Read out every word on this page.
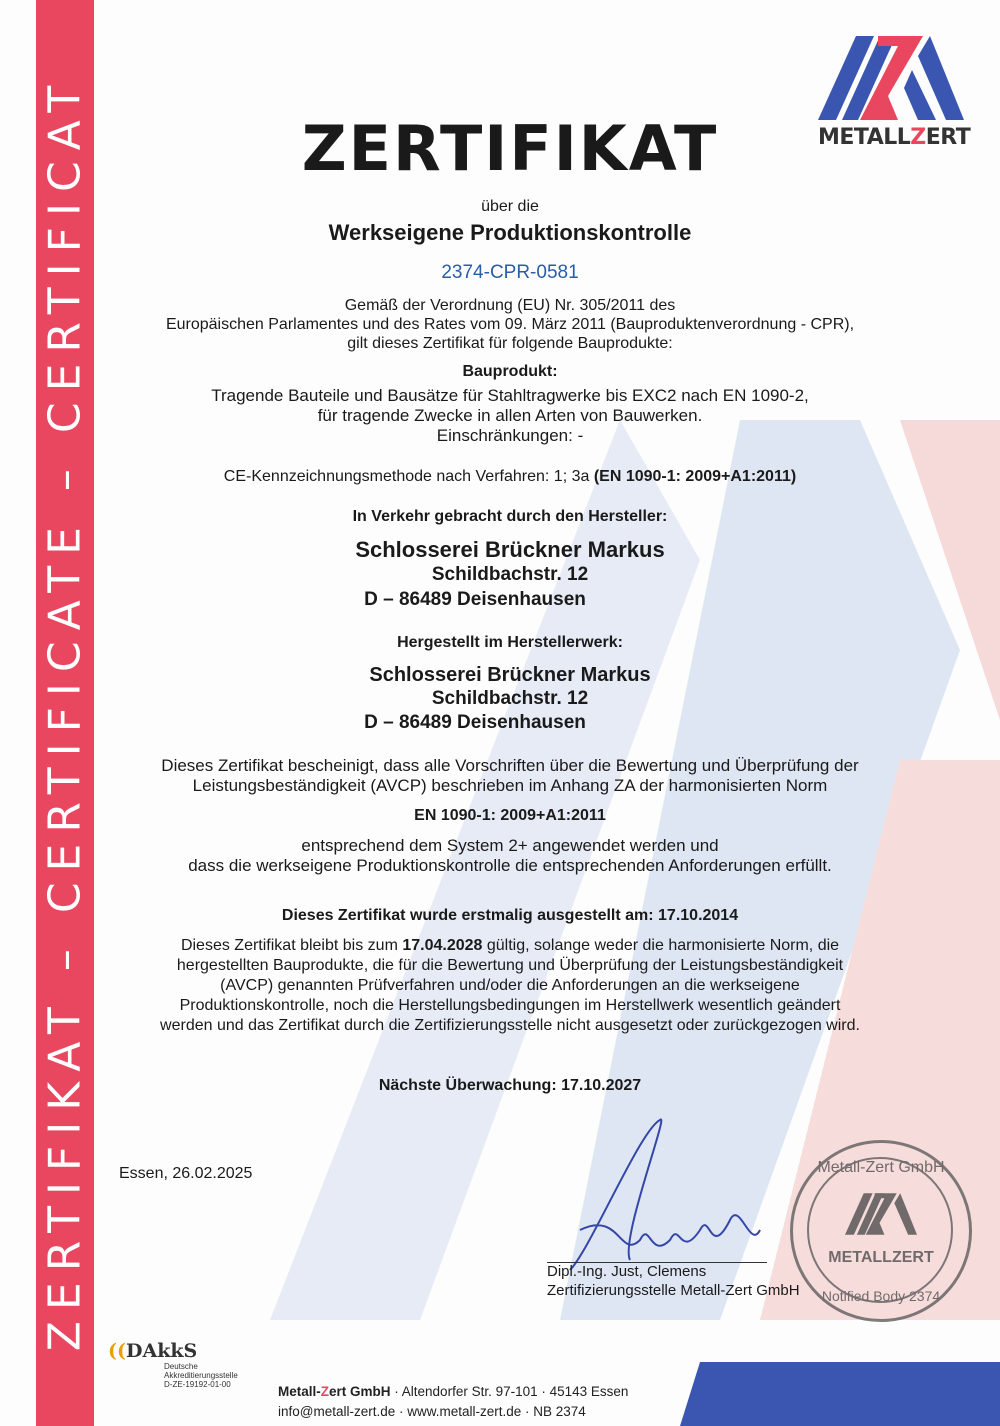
ZERTIFIKAT – CERTIFICATE – CERTIFICAT	METALLZERT
ZERTIFIKAT
über die
Werkseigene Produktionskontrolle
2374-CPR-0581
Gemäß der Verordnung (EU) Nr. 305/2011 des
Europäischen Parlamentes und des Rates vom 09. März 2011 (Bauproduktenverordnung - CPR),
gilt dieses Zertifikat für folgende Bauprodukte:
Bauprodukt:
Tragende Bauteile und Bausätze für Stahltragwerke bis EXC2 nach EN 1090-2,
für tragende Zwecke in allen Arten von Bauwerken.
Einschränkungen: -
CE-Kennzeichnungsmethode nach Verfahren: 1; 3a (EN 1090-1: 2009+A1:2011)
In Verkehr gebracht durch den Hersteller:
Schlosserei Brückner Markus
Schildbachstr. 12
D – 86489 Deisenhausen
Hergestellt im Herstellerwerk:
Schlosserei Brückner Markus
Schildbachstr. 12
D – 86489 Deisenhausen
Dieses Zertifikat bescheinigt, dass alle Vorschriften über die Bewertung und Überprüfung der
Leistungsbeständigkeit (AVCP) beschrieben im Anhang ZA der harmonisierten Norm
EN 1090-1: 2009+A1:2011
entsprechend dem System 2+ angewendet werden und
dass die werkseigene Produktionskontrolle die entsprechenden Anforderungen erfüllt.
Dieses Zertifikat wurde erstmalig ausgestellt am: 17.10.2014
Dieses Zertifikat bleibt bis zum 17.04.2028 gültig, solange weder die harmonisierte Norm, die
hergestellten Bauprodukte, die für die Bewertung und Überprüfung der Leistungsbeständigkeit
(AVCP) genannten Prüfverfahren und/oder die Anforderungen an die werkseigene
Produktionskontrolle, noch die Herstellungsbedingungen im Herstellwerk wesentlich geändert
werden und das Zertifikat durch die Zertifizierungsstelle nicht ausgesetzt oder zurückgezogen wird.
Nächste Überwachung: 17.10.2027
Essen, 26.02.2025
Dipl.-Ing. Just, Clemens
Zertifizierungsstelle Metall-Zert GmbH
Metall-Zert GmbH
METALLZERT
Notified Body 2374
((DAkkS
Deutsche
Akkreditierungsstelle
D-ZE-19192-01-00	Metall-Zert GmbH · Altendorfer Str. 97-101 · 45143 Essen
info@metall-zert.de · www.metall-zert.de · NB 2374
